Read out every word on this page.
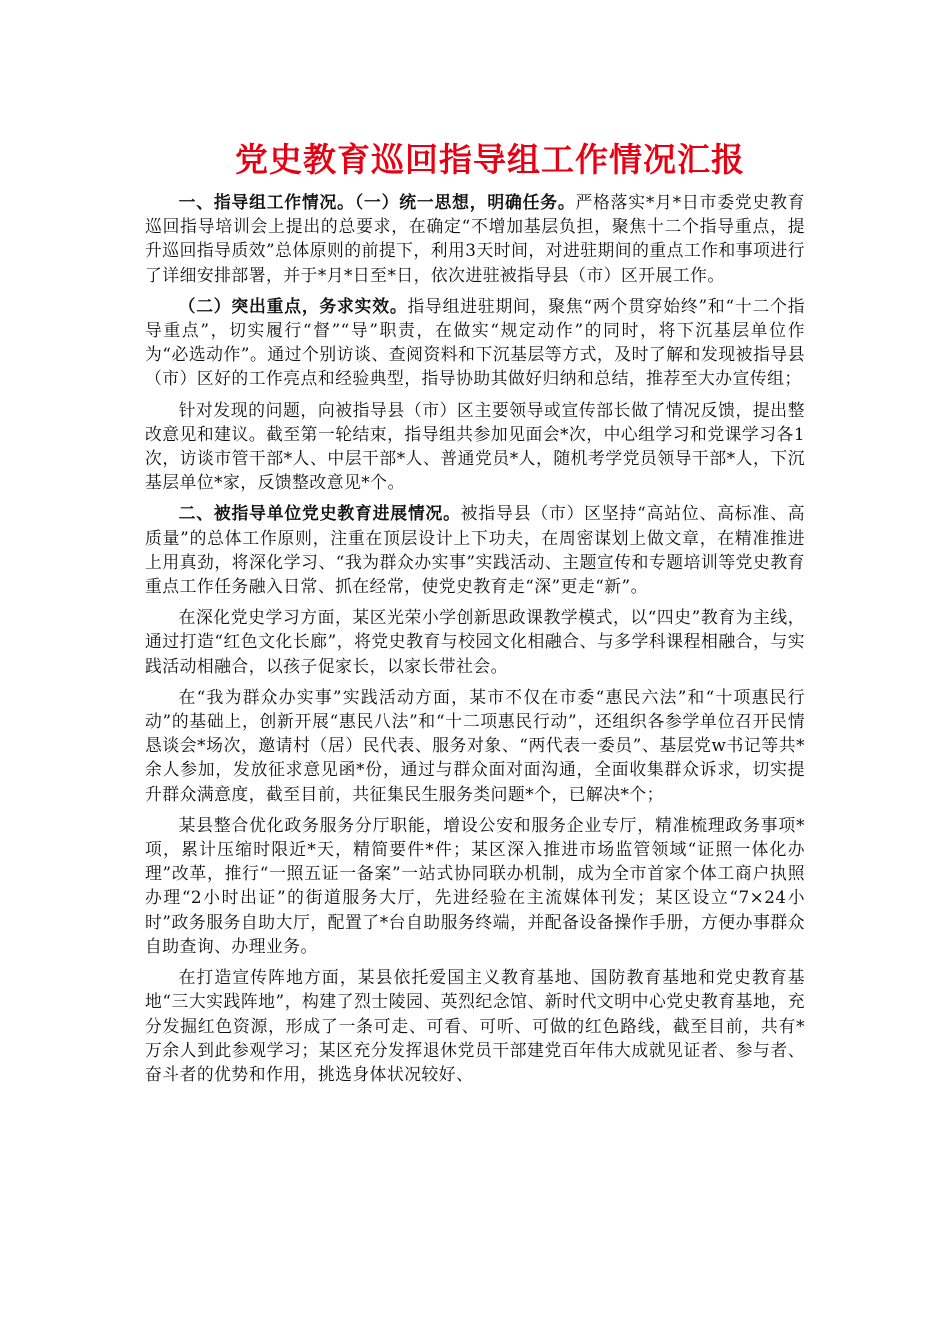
党史教育巡回指导组工作情况汇报

一、指导组工作情况。（一）统一思想，明确任务。严格落实*月*日市委党史教育巡回指导培训会上提出的总要求，在确定“不增加基层负担，聚焦十二个指导重点，提升巡回指导质效”总体原则的前提下，利用3天时间，对进驻期间的重点工作和事项进行了详细安排部署，并于*月*日至*日，依次进驻被指导县（市）区开展工作。

（二）突出重点，务求实效。指导组进驻期间，聚焦“两个贯穿始终”和“十二个指导重点”，切实履行“督”“导”职责，在做实“规定动作”的同时，将下沉基层单位作为“必选动作”。通过个别访谈、查阅资料和下沉基层等方式，及时了解和发现被指导县（市）区好的工作亮点和经验典型，指导协助其做好归纳和总结，推荐至大办宣传组；

针对发现的问题，向被指导县（市）区主要领导或宣传部长做了情况反馈，提出整改意见和建议。截至第一轮结束，指导组共参加见面会*次，中心组学习和党课学习各1次，访谈市管干部*人、中层干部*人、普通党员*人，随机考学党员领导干部*人，下沉基层单位*家，反馈整改意见*个。

二、被指导单位党史教育进展情况。被指导县（市）区坚持“高站位、高标准、高质量”的总体工作原则，注重在顶层设计上下功夫，在周密谋划上做文章，在精准推进上用真劲，将深化学习、“我为群众办实事”实践活动、主题宣传和专题培训等党史教育重点工作任务融入日常、抓在经常，使党史教育走“深”更走“新”。

在深化党史学习方面，某区光荣小学创新思政课教学模式，以“四史”教育为主线，通过打造“红色文化长廊”，将党史教育与校园文化相融合、与多学科课程相融合，与实践活动相融合，以孩子促家长，以家长带社会。

在“我为群众办实事”实践活动方面，某市不仅在市委“惠民六法”和“十项惠民行动”的基础上，创新开展“惠民八法”和“十二项惠民行动”，还组织各参学单位召开民情恳谈会*场次，邀请村（居）民代表、服务对象、“两代表一委员”、基层党w书记等共*余人参加，发放征求意见函*份，通过与群众面对面沟通，全面收集群众诉求，切实提升群众满意度，截至目前，共征集民生服务类问题*个，已解决*个；

某县整合优化政务服务分厅职能，增设公安和服务企业专厅，精准梳理政务事项*项，累计压缩时限近*天，精简要件*件；某区深入推进市场监管领域“证照一体化办理”改革，推行“一照五证一备案”一站式协同联办机制，成为全市首家个体工商户执照办理“2小时出证”的街道服务大厅，先进经验在主流媒体刊发；某区设立“7×24小时”政务服务自助大厅，配置了*台自助服务终端，并配备设备操作手册，方便办事群众自助查询、办理业务。

在打造宣传阵地方面，某县依托爱国主义教育基地、国防教育基地和党史教育基地“三大实践阵地”，构建了烈士陵园、英烈纪念馆、新时代文明中心党史教育基地，充分发掘红色资源，形成了一条可走、可看、可听、可做的红色路线，截至目前，共有*万余人到此参观学习；某区充分发挥退休党员干部建党百年伟大成就见证者、参与者、奋斗者的优势和作用，挑选身体状况较好、
